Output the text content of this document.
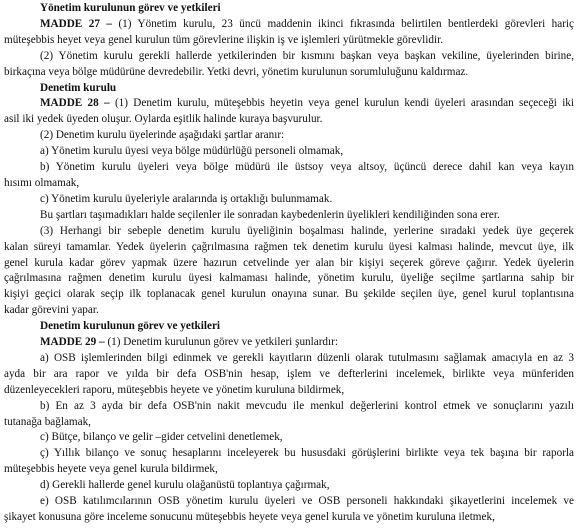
Yönetim kurulunun görev ve yetkileri
MADDE 27 – (1) Yönetim kurulu, 23 üncü maddenin ikinci fıkrasında belirtilen bentlerdeki görevleri hariç
müteşebbis heyet veya genel kurulun tüm görevlerine ilişkin iş ve işlemleri yürütmekle görevlidir.
(2) Yönetim kurulu gerekli hallerde yetkilerinden bir kısmını başkan veya başkan vekiline, üyelerinden birine,
birkaçına veya bölge müdürüne devredebilir. Yetki devri, yönetim kurulunun sorumluluğunu kaldırmaz.
Denetim kurulu
MADDE 28 – (1) Denetim kurulu, müteşebbis heyetin veya genel kurulun kendi üyeleri arasından seçeceği iki
asil iki yedek üyeden oluşur. Oylarda eşitlik halinde kuraya başvurulur.
(2) Denetim kurulu üyelerinde aşağıdaki şartlar aranır:
a) Yönetim kurulu üyesi veya bölge müdürlüğü personeli olmamak,
b) Yönetim kurulu üyeleri veya bölge müdürü ile üstsoy veya altsoy, üçüncü derece dahil kan veya kayın
hısımı olmamak,
c) Yönetim kurulu üyeleriyle aralarında iş ortaklığı bulunmamak.
Bu şartları taşımadıkları halde seçilenler ile sonradan kaybedenlerin üyelikleri kendiliğinden sona erer.
(3) Herhangi bir sebeple denetim kurulu üyeliğinin boşalması halinde, yerlerine sıradaki yedek üye geçerek
kalan süreyi tamamlar. Yedek üyelerin çağrılmasına rağmen tek denetim kurulu üyesi kalması halinde, mevcut üye, ilk
genel kurula kadar görev yapmak üzere hazırun cetvelinde yer alan bir kişiyi seçerek göreve çağırır. Yedek üyelerin
çağrılmasına rağmen denetim kurulu üyesi kalmaması halinde, yönetim kurulu, üyeliğe seçilme şartlarına sahip bir
kişiyi geçici olarak seçip ilk toplanacak genel kurulun onayına sunar. Bu şekilde seçilen üye, genel kurul toplantısına
kadar görevini yapar.
Denetim kurulunun görev ve yetkileri
MADDE 29 – (1) Denetim kurulunun görev ve yetkileri şunlardır:
a) OSB işlemlerinden bilgi edinmek ve gerekli kayıtların düzenli olarak tutulmasını sağlamak amacıyla en az 3
ayda bir ara rapor ve yılda bir defa OSB'nin hesap, işlem ve defterlerini incelemek, birlikte veya münferiden
düzenleyecekleri raporu, müteşebbis heyete ve yönetim kuruluna bildirmek,
b) En az 3 ayda bir defa OSB'nin nakit mevcudu ile menkul değerlerini kontrol etmek ve sonuçlarını yazılı
tutanağa bağlamak,
c) Bütçe, bilanço ve gelir –gider cetvelini denetlemek,
ç) Yıllık bilanço ve sonuç hesaplarını inceleyerek bu hususdaki görüşlerini birlikte veya tek başına bir raporla
müteşebbis heyete veya genel kurula bildirmek,
d) Gerekli hallerde genel kurulu olağanüstü toplantıya çağırmak,
e) OSB katılımcılarının OSB yönetim kurulu üyeleri ve OSB personeli hakkındaki şikayetlerini incelemek ve
şikayet konusuna göre inceleme sonucunu müteşebbis heyete veya genel kurula ve yönetim kuruluna iletmek,
